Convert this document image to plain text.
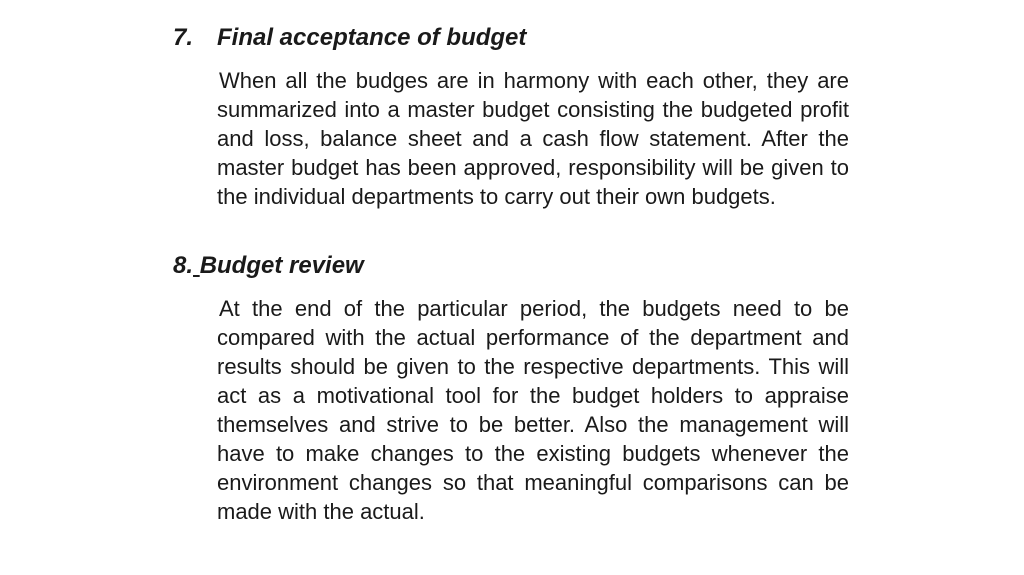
7. Final acceptance of budget

When all the budges are in harmony with each other, they are summarized into a master budget consisting the budgeted profit and loss, balance sheet and a cash flow statement. After the master budget has been approved, responsibility will be given to the individual departments to carry out their own budgets.

8. Budget review

At the end of the particular period, the budgets need to be compared with the actual performance of the department and results should be given to the respective departments. This will act as a motivational tool for the budget holders to appraise themselves and strive to be better. Also the management will have to make changes to the existing budgets whenever the environment changes so that meaningful comparisons can be made with the actual.
